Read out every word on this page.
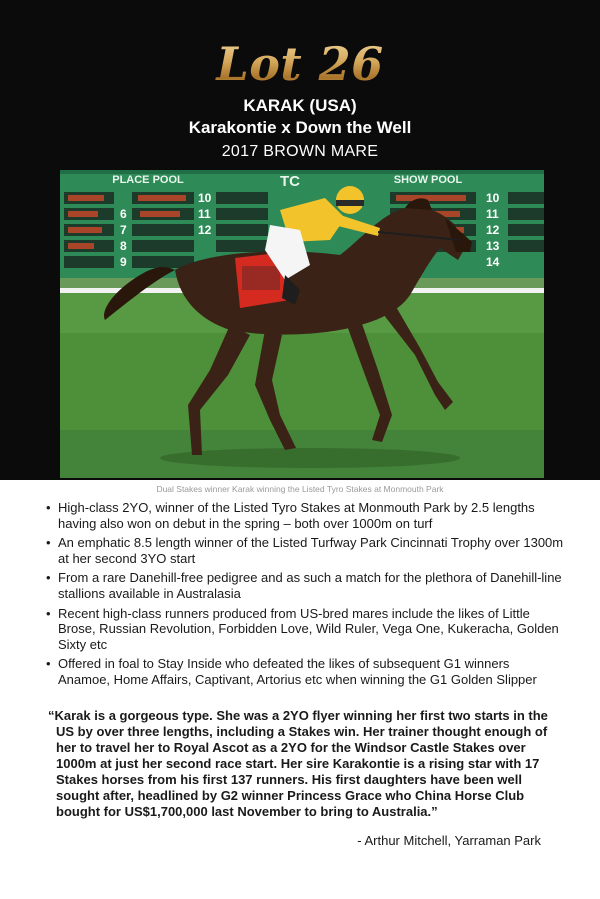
Lot 26
KARAK (USA)
Karakontie x Down the Well
2017 BROWN MARE
PLACE POOL	TC	SHOW POOL
6
7
8
9
10
11
12
10
11
12
13
14
Dual Stakes winner Karak winning the Listed Tyro Stakes at Monmouth Park
• High-class 2YO, winner of the Listed Tyro Stakes at Monmouth Park by 2.5 lengths having also won on debut in the spring – both over 1000m on turf
• An emphatic 8.5 length winner of the Listed Turfway Park Cincinnati Trophy over 1300m at her second 3YO start
• From a rare Danehill-free pedigree and as such a match for the plethora of Danehill-line stallions available in Australasia
• Recent high-class runners produced from US-bred mares include the likes of Little Brose, Russian Revolution, Forbidden Love, Wild Ruler, Vega One, Kukeracha, Golden Sixty etc
• Offered in foal to Stay Inside who defeated the likes of subsequent G1 winners Anamoe, Home Affairs, Captivant, Artorius etc when winning the G1 Golden Slipper

“Karak is a gorgeous type. She was a 2YO flyer winning her first two starts in the US by over three lengths, including a Stakes win. Her trainer thought enough of her to travel her to Royal Ascot as a 2YO for the Windsor Castle Stakes over 1000m at just her second race start. Her sire Karakontie is a rising star with 17 Stakes horses from his first 137 runners. His first daughters have been well sought after, headlined by G2 winner Princess Grace who China Horse Club bought for US$1,700,000 last November to bring to Australia.”

- Arthur Mitchell, Yarraman Park
